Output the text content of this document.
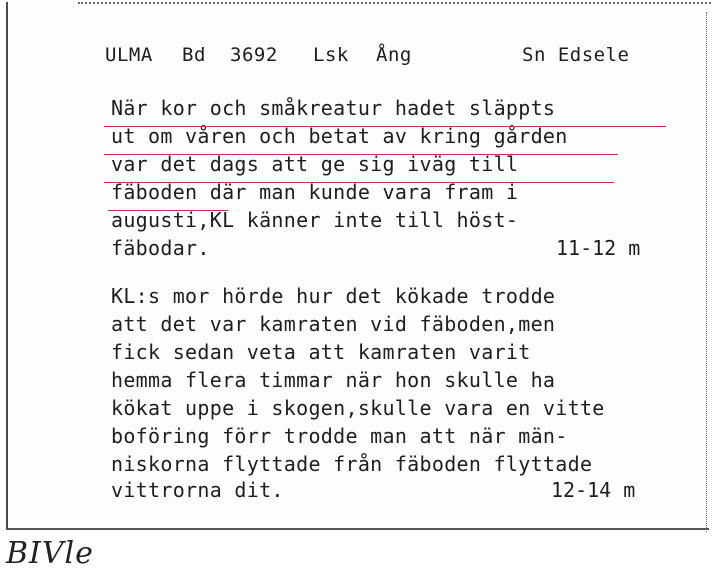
ULMA Bd 3692 Lsk Ång	Sn Edsele
När kor och småkreatur hadet släppts
ut om våren och betat av kring gården
var det dags att ge sig iväg till
fäboden där man kunde vara fram i
augusti,KL känner inte till höst-
fäbodar.	11-12 m
KL:s mor hörde hur det kökade trodde
att det var kamraten vid fäboden,men
fick sedan veta att kamraten varit
hemma flera timmar när hon skulle ha
kökat uppe i skogen,skulle vara en vitte
boföring förr trodde man att när män-
niskorna flyttade från fäboden flyttade
vittrorna dit.	12-14 m
BIVle
